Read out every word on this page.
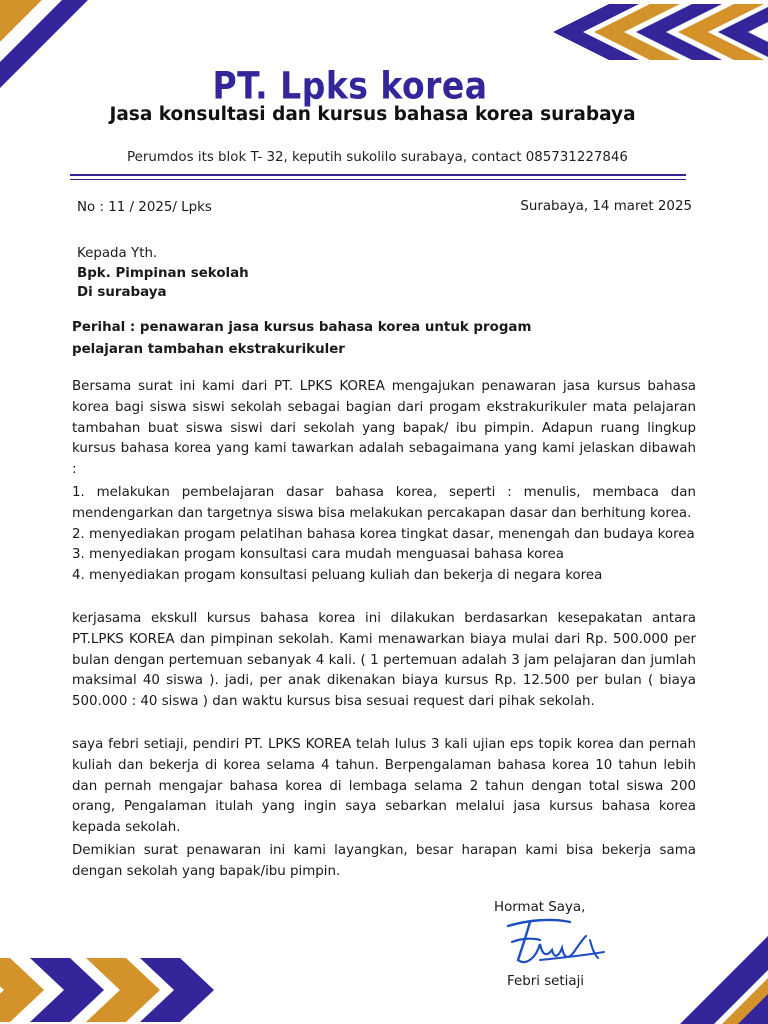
PT. Lpks korea
Jasa konsultasi dan kursus bahasa korea surabaya
Perumdos its blok T- 32, keputih sukolilo surabaya, contact 085731227846
No : 11 / 2025/ Lpks	Surabaya, 14 maret 2025
Kepada Yth.
Bpk. Pimpinan sekolah
Di surabaya
Perihal : penawaran jasa kursus bahasa korea untuk progam
pelajaran tambahan ekstrakurikuler

Bersama surat ini kami dari PT. LPKS KOREA mengajukan penawaran jasa kursus bahasa korea bagi siswa siswi sekolah sebagai bagian dari progam ekstrakurikuler mata pelajaran tambahan buat siswa siswi dari sekolah yang bapak/ ibu pimpin. Adapun ruang lingkup kursus bahasa korea yang kami tawarkan adalah sebagaimana yang kami jelaskan dibawah :

1. melakukan pembelajaran dasar bahasa korea, seperti : menulis, membaca dan mendengarkan dan targetnya siswa bisa melakukan percakapan dasar dan berhitung korea.
2. menyediakan progam pelatihan bahasa korea tingkat dasar, menengah dan budaya korea
3. menyediakan progam konsultasi cara mudah menguasai bahasa korea
4. menyediakan progam konsultasi peluang kuliah dan bekerja di negara korea

kerjasama ekskull kursus bahasa korea ini dilakukan berdasarkan kesepakatan antara PT.LPKS KOREA dan pimpinan sekolah. Kami menawarkan biaya mulai dari Rp. 500.000 per bulan dengan pertemuan sebanyak 4 kali. ( 1 pertemuan adalah 3 jam pelajaran dan jumlah maksimal 40 siswa ). jadi, per anak dikenakan biaya kursus Rp. 12.500 per bulan ( biaya 500.000 : 40 siswa ) dan waktu kursus bisa sesuai request dari pihak sekolah.

saya febri setiaji, pendiri PT. LPKS KOREA telah lulus 3 kali ujian eps topik korea dan pernah kuliah dan bekerja di korea selama 4 tahun. Berpengalaman bahasa korea 10 tahun lebih dan pernah mengajar bahasa korea di lembaga selama 2 tahun dengan total siswa 200 orang, Pengalaman itulah yang ingin saya sebarkan melalui jasa kursus bahasa korea kepada sekolah.

Demikian surat penawaran ini kami layangkan, besar harapan kami bisa bekerja sama dengan sekolah yang bapak/ibu pimpin.

Hormat Saya,
Febri setiaji
